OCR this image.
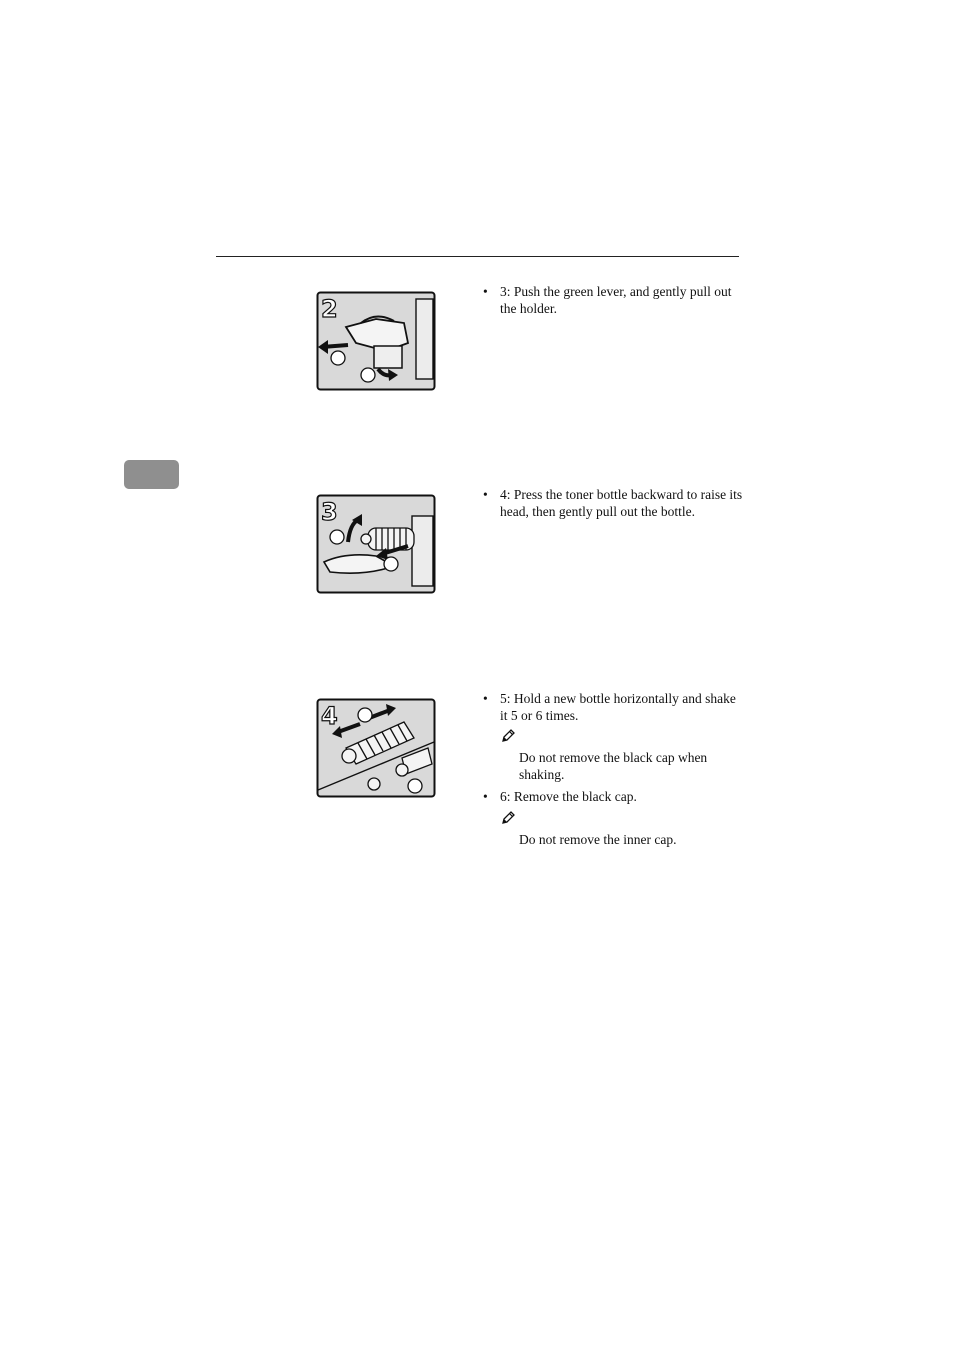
2

• 3: Push the green lever, and gently pull out the holder.

3

• 4: Press the toner bottle backward to raise its head, then gently pull out the bottle.

4

• 5: Hold a new bottle horizontally and shake it 5 or 6 times.

Do not remove the black cap when shaking.

• 6: Remove the black cap.

Do not remove the inner cap.
